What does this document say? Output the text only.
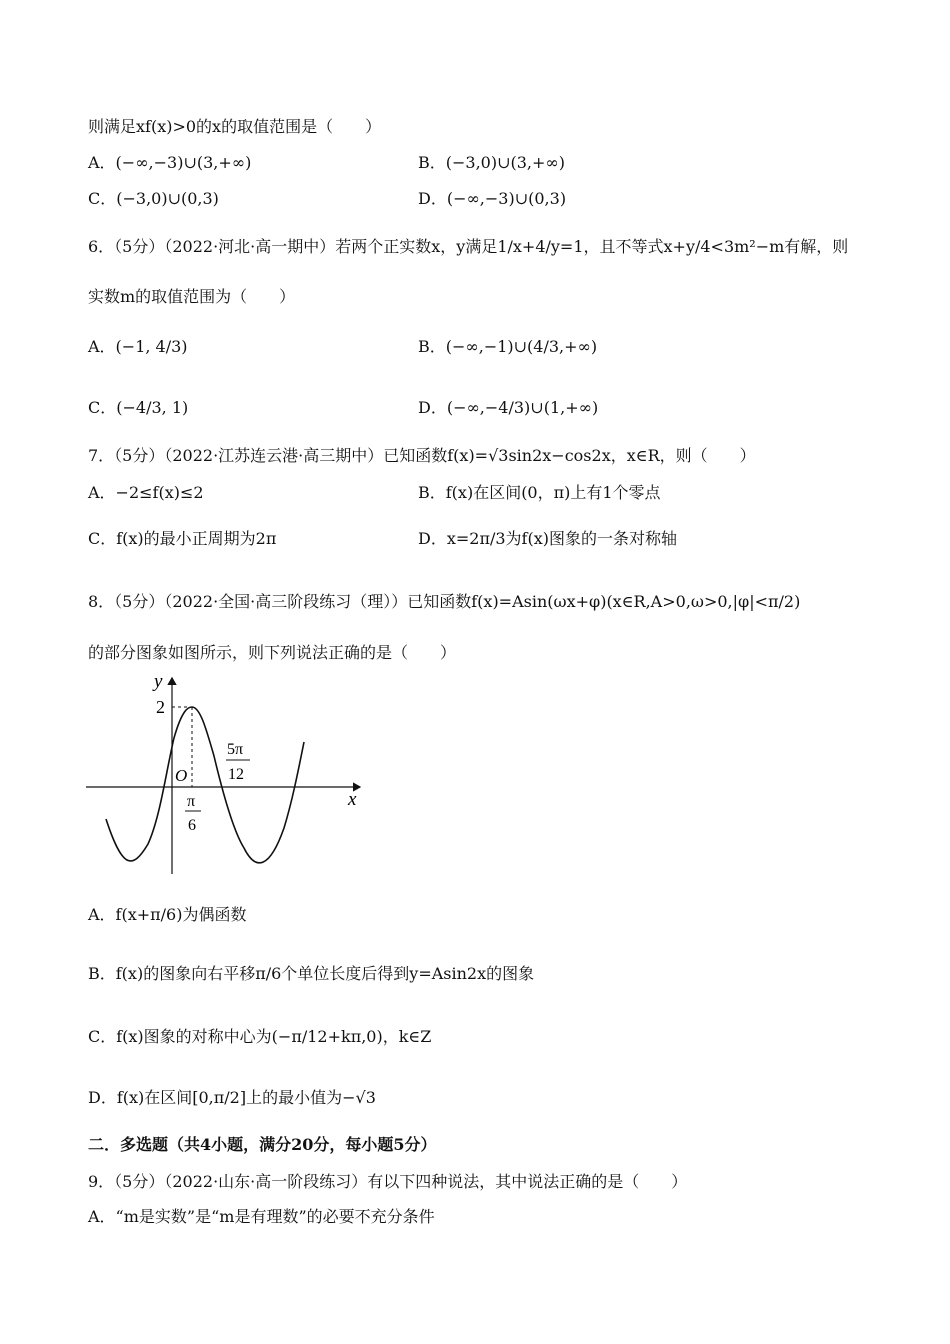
则满足xf(x)>0的x的取值范围是（　　）
A．(−∞,−3)∪(3,+∞)	B．(−3,0)∪(3,+∞)
C．(−3,0)∪(0,3)	D．(−∞,−3)∪(0,3)
6．（5分）（2022·河北·高一期中）若两个正实数x，y满足1/x+4/y=1，且不等式x+y/4<3m²−m有解，则
实数m的取值范围为（　　）
A．(−1, 4/3)	B．(−∞,−1)∪(4/3,+∞)
C．(−4/3, 1)	D．(−∞,−4/3)∪(1,+∞)
7．（5分）（2022·江苏连云港·高三期中）已知函数f(x)=√3sin2x−cos2x，x∈R，则（　　）
A．−2≤f(x)≤2	B．f(x)在区间(0，π)上有1个零点
C．f(x)的最小正周期为2π	D．x=2π/3为f(x)图象的一条对称轴
8．（5分）（2022·全国·高三阶段练习（理））已知函数f(x)=Asin(ωx+φ)(x∈R,A>0,ω>0,|φ|<π/2)
的部分图象如图所示，则下列说法正确的是（　　）
y
x
O
2
π
6
5π
12
A．f(x+π/6)为偶函数
B．f(x)的图象向右平移π/6个单位长度后得到y=Asin2x的图象
C．f(x)图象的对称中心为(−π/12+kπ,0)，k∈Z
D．f(x)在区间[0,π/2]上的最小值为−√3
二．多选题（共4小题，满分20分，每小题5分）
9．（5分）（2022·山东·高一阶段练习）有以下四种说法，其中说法正确的是（　　）
A．“m是实数”是“m是有理数”的必要不充分条件
